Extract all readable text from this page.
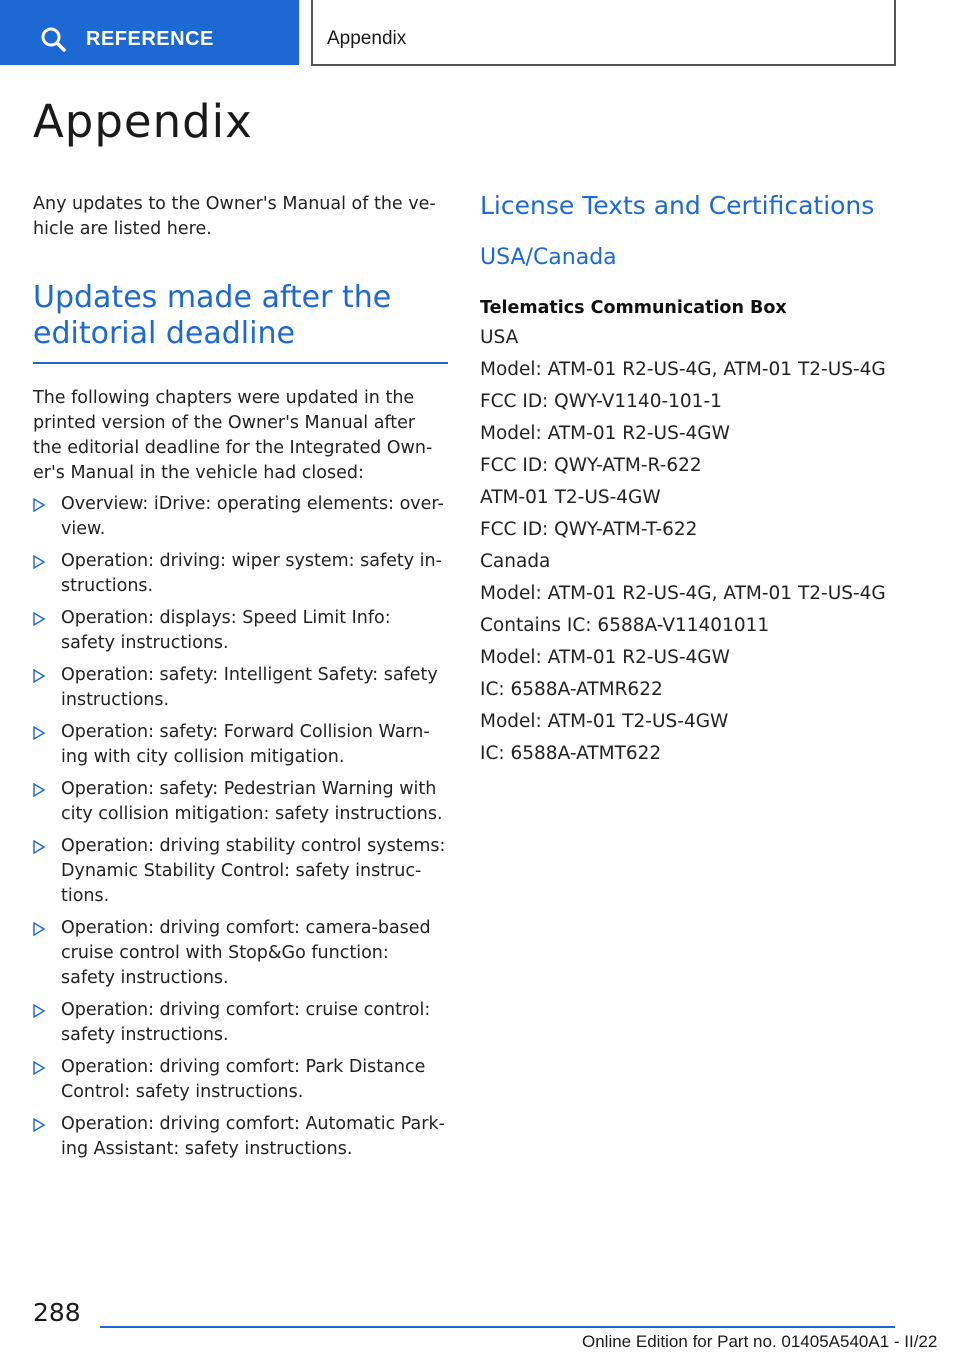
REFERENCE	Appendix
Appendix

Any updates to the Owner's Manual of the ve-hicle are listed here.

Updates made after the editorial deadline

The following chapters were updated in the printed version of the Owner's Manual after the editorial deadline for the Integrated Own-er's Manual in the vehicle had closed:

Overview: iDrive: operating elements: over-view.
Operation: driving: wiper system: safety in-structions.
Operation: displays: Speed Limit Info: safety instructions.
Operation: safety: Intelligent Safety: safety instructions.
Operation: safety: Forward Collision Warn-ing with city collision mitigation.
Operation: safety: Pedestrian Warning with city collision mitigation: safety instructions.
Operation: driving stability control systems: Dynamic Stability Control: safety instruc-tions.
Operation: driving comfort: camera-based cruise control with Stop&Go function: safety instructions.
Operation: driving comfort: cruise control: safety instructions.
Operation: driving comfort: Park Distance Control: safety instructions.
Operation: driving comfort: Automatic Park-ing Assistant: safety instructions.
License Texts and Certifications
USA/Canada

Telematics Communication Box

USA

Model: ATM-01 R2-US-4G, ATM-01 T2-US-4G

FCC ID: QWY-V1140-101-1

Model: ATM-01 R2-US-4GW

FCC ID: QWY-ATM-R-622

ATM-01 T2-US-4GW

FCC ID: QWY-ATM-T-622

Canada

Model: ATM-01 R2-US-4G, ATM-01 T2-US-4G

Contains IC: 6588A-V11401011

Model: ATM-01 R2-US-4GW

IC: 6588A-ATMR622

Model: ATM-01 T2-US-4GW

IC: 6588A-ATMT622

288
Online Edition for Part no. 01405A540A1 - II/22
